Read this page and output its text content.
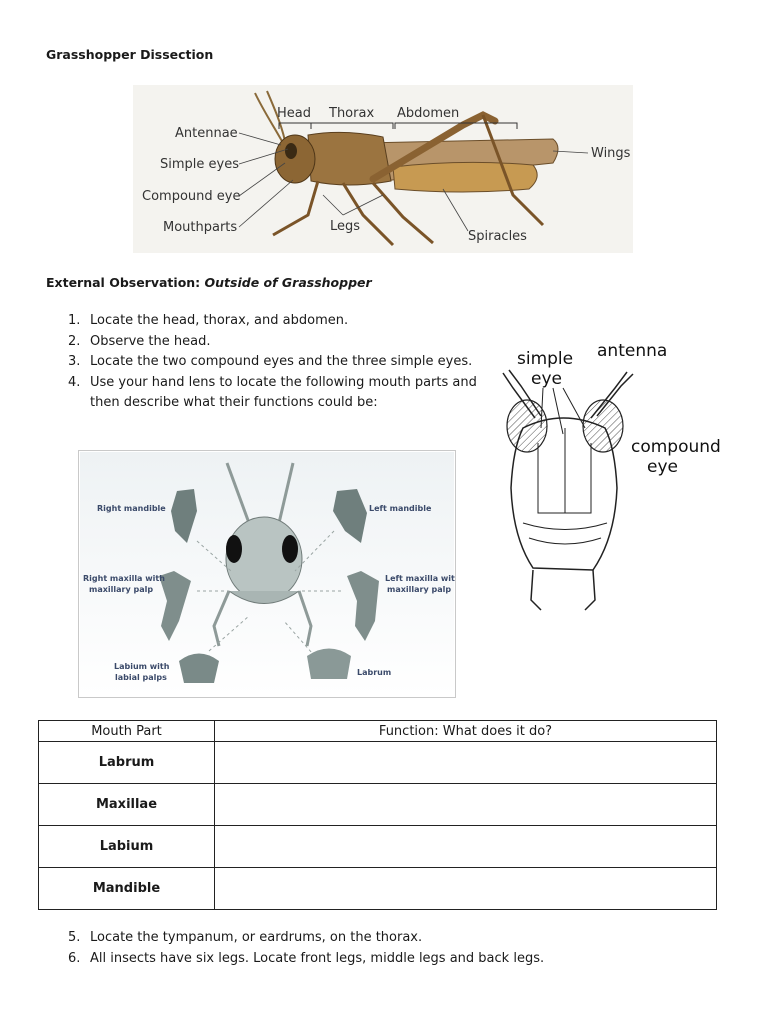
Grasshopper Dissection
Head Thorax Abdomen
Antennae
Simple eyes
Compound eye
Mouthparts	Legs
Spiracles
Wings
External Observation: Outside of Grasshopper
1. Locate the head, thorax, and abdomen.
2. Observe the head.
3. Locate the two compound eyes and the three simple eyes.
4. Use your hand lens to locate the following mouth parts and then describe what their functions could be:
Right mandible	Left mandible
Right maxilla with
maxillary palp
Left maxilla with
maxillary palp
Labium with
labial palps
Labrum
simple
eye
antenna
compound
eye
Mouth Part	Function: What does it do?
Labrum	
Maxillae	
Labium	
Mandible	
5. Locate the tympanum, or eardrums, on the thorax.
6. All insects have six legs. Locate front legs, middle legs and back legs.
